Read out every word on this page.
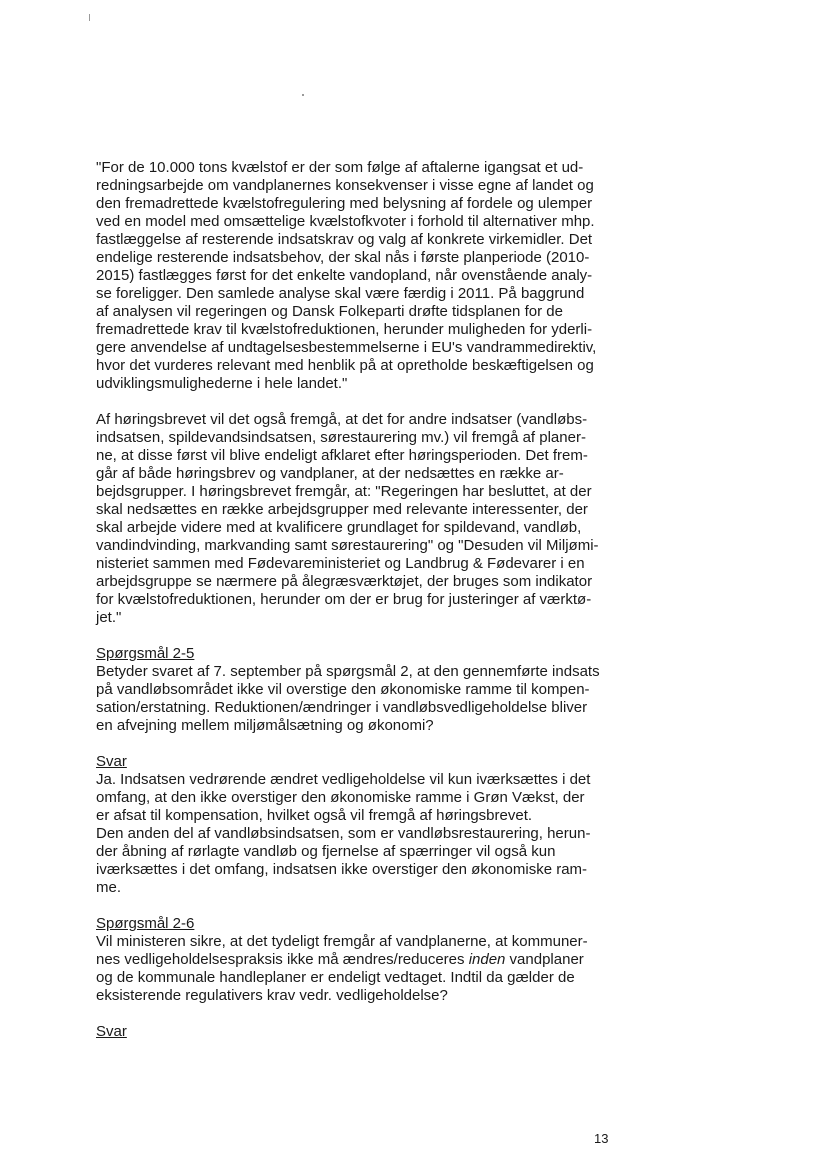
"For de 10.000 tons kvælstof er der som følge af aftalerne igangsat et ud-
redningsarbejde om vandplanernes konsekvenser i visse egne af landet og
den fremadrettede kvælstofregulering med belysning af fordele og ulemper
ved en model med omsættelige kvælstofkvoter i forhold til alternativer mhp.
fastlæggelse af resterende indsatskrav og valg af konkrete virkemidler. Det
endelige resterende indsatsbehov, der skal nås i første planperiode (2010-
2015) fastlægges først for det enkelte vandopland, når ovenstående analy-
se foreligger. Den samlede analyse skal være færdig i 2011. På baggrund
af analysen vil regeringen og Dansk Folkeparti drøfte tidsplanen for de
fremadrettede krav til kvælstofreduktionen, herunder muligheden for yderli-
gere anvendelse af undtagelsesbestemmelserne i EU's vandrammedirektiv,
hvor det vurderes relevant med henblik på at opretholde beskæftigelsen og
udviklingsmulighederne i hele landet."
Af høringsbrevet vil det også fremgå, at det for andre indsatser (vandløbs-
indsatsen, spildevandsindsatsen, sørestaurering mv.) vil fremgå af planer-
ne, at disse først vil blive endeligt afklaret efter høringsperioden. Det frem-
går af både høringsbrev og vandplaner, at der nedsættes en række ar-
bejdsgrupper. I høringsbrevet fremgår, at: "Regeringen har besluttet, at der
skal nedsættes en række arbejdsgrupper med relevante interessenter, der
skal arbejde videre med at kvalificere grundlaget for spildevand, vandløb,
vandindvinding, markvanding samt sørestaurering" og "Desuden vil Miljømi-
nisteriet sammen med Fødevareministeriet og Landbrug & Fødevarer i en
arbejdsgruppe se nærmere på ålegræsværktøjet, der bruges som indikator
for kvælstofreduktionen, herunder om der er brug for justeringer af værktø-
jet."
Spørgsmål 2-5
Betyder svaret af 7. september på spørgsmål 2, at den gennemførte indsats
på vandløbsområdet ikke vil overstige den økonomiske ramme til kompen-
sation/erstatning. Reduktionen/ændringer i vandløbsvedligeholdelse bliver
en afvejning mellem miljømålsætning og økonomi?
Svar
Ja. Indsatsen vedrørende ændret vedligeholdelse vil kun iværksættes i det
omfang, at den ikke overstiger den økonomiske ramme i Grøn Vækst, der
er afsat til kompensation, hvilket også vil fremgå af høringsbrevet.
Den anden del af vandløbsindsatsen, som er vandløbsrestaurering, herun-
der åbning af rørlagte vandløb og fjernelse af spærringer vil også kun
iværksættes i det omfang, indsatsen ikke overstiger den økonomiske ram-
me.
Spørgsmål 2-6
Vil ministeren sikre, at det tydeligt fremgår af vandplanerne, at kommuner-
nes vedligeholdelsespraksis ikke må ændres/reduceres inden vandplaner
og de kommunale handleplaner er endeligt vedtaget. Indtil da gælder de
eksisterende regulativers krav vedr. vedligeholdelse?
Svar
13
